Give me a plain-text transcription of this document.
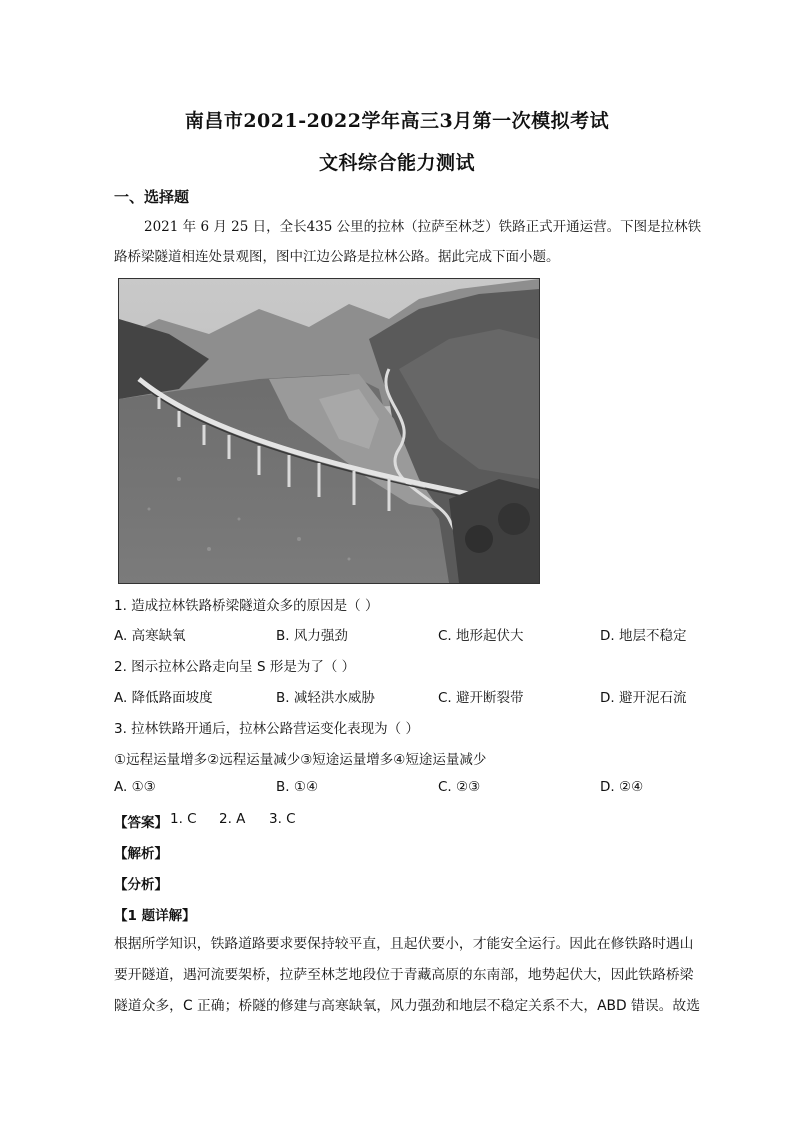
南昌市2021-2022学年高三3月第一次模拟考试
文科综合能力测试
一、选择题
2021 年 6 月 25 日，全长435 公里的拉林（拉萨至林芝）铁路正式开通运营。下图是拉林铁
路桥梁隧道相连处景观图，图中江边公路是拉林公路。据此完成下面小题。
1. 造成拉林铁路桥梁隧道众多的原因是（ ）
A. 高寒缺氧	B. 风力强劲	C. 地形起伏大	D. 地层不稳定
2. 图示拉林公路走向呈 S 形是为了（ ）
A. 降低路面坡度	B. 减轻洪水威胁	C. 避开断裂带	D. 避开泥石流
3. 拉林铁路开通后，拉林公路营运变化表现为（ ）
①远程运量增多②远程运量减少③短途运量增多④短途运量减少
A. ①③	B. ①④	C. ②③	D. ②④
【答案】 1. C 2. A 3. C
【解析】
【分析】
【1 题详解】
根据所学知识，铁路道路要求要保持较平直，且起伏要小，才能安全运行。因此在修铁路时遇山要开隧道，遇河流要架桥，拉萨至林芝地段位于青藏高原的东南部，地势起伏大，因此铁路桥梁隧道众多，C 正确；桥隧的修建与高寒缺氧，风力强劲和地层不稳定关系不大，ABD 错误。故选
